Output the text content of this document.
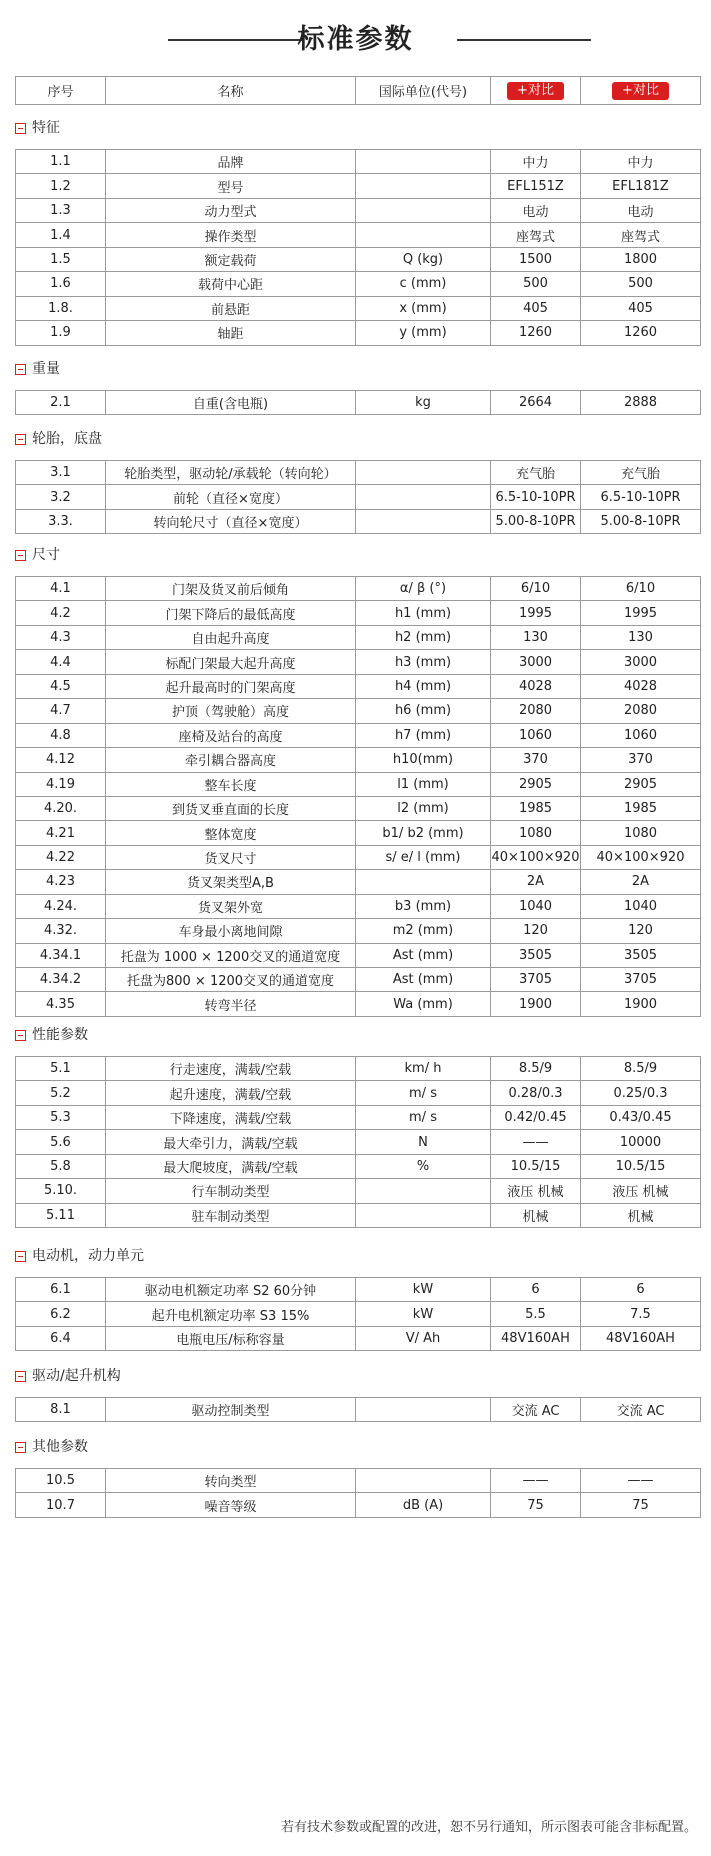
标准参数
序号	名称	国际单位(代号)	+对比	+对比
特征
1.1	品牌		中力	中力
1.2	型号		EFL151Z	EFL181Z
1.3	动力型式		电动	电动
1.4	操作类型		座驾式	座驾式
1.5	额定载荷	Q (kg)	1500	1800
1.6	载荷中心距	c (mm)	500	500
1.8.	前悬距	x (mm)	405	405
1.9	轴距	y (mm)	1260	1260
重量
2.1	自重(含电瓶)	kg	2664	2888
轮胎，底盘
3.1	轮胎类型，驱动轮/承载轮（转向轮）		充气胎	充气胎
3.2	前轮（直径×宽度）		6.5-10-10PR	6.5-10-10PR
3.3.	转向轮尺寸（直径×宽度）		5.00-8-10PR	5.00-8-10PR
尺寸
4.1	门架及货叉前后倾角	α/ β (°)	6/10	6/10
4.2	门架下降后的最低高度	h1 (mm)	1995	1995
4.3	自由起升高度	h2 (mm)	130	130
4.4	标配门架最大起升高度	h3 (mm)	3000	3000
4.5	起升最高时的门架高度	h4 (mm)	4028	4028
4.7	护顶（驾驶舱）高度	h6 (mm)	2080	2080
4.8	座椅及站台的高度	h7 (mm)	1060	1060
4.12	牵引耦合器高度	h10(mm)	370	370
4.19	整车长度	l1 (mm)	2905	2905
4.20.	到货叉垂直面的长度	l2 (mm)	1985	1985
4.21	整体宽度	b1/ b2 (mm)	1080	1080
4.22	货叉尺寸	s/ e/ l (mm)	40×100×920	40×100×920
4.23	货叉架类型A,B		2A	2A
4.24.	货叉架外宽	b3 (mm)	1040	1040
4.32.	车身最小离地间隙	m2 (mm)	120	120
4.34.1	托盘为 1000 × 1200交叉的通道宽度	Ast (mm)	3505	3505
4.34.2	托盘为800 × 1200交叉的通道宽度	Ast (mm)	3705	3705
4.35	转弯半径	Wa (mm)	1900	1900
性能参数
5.1	行走速度，满载/空载	km/ h	8.5/9	8.5/9
5.2	起升速度，满载/空载	m/ s	0.28/0.3	0.25/0.3
5.3	下降速度，满载/空载	m/ s	0.42/0.45	0.43/0.45
5.6	最大牵引力，满载/空载	N	——	10000
5.8	最大爬坡度，满载/空载	%	10.5/15	10.5/15
5.10.	行车制动类型		液压 机械	液压 机械
5.11	驻车制动类型		机械	机械
电动机，动力单元
6.1	驱动电机额定功率 S2 60分钟	kW	6	6
6.2	起升电机额定功率 S3 15%	kW	5.5	7.5
6.4	电瓶电压/标称容量	V/ Ah	48V160AH	48V160AH
驱动/起升机构
8.1	驱动控制类型		交流 AC	交流 AC
其他参数
10.5	转向类型		——	——
10.7	噪音等级	dB (A)	75	75
若有技术参数或配置的改进，恕不另行通知，所示图表可能含非标配置。
